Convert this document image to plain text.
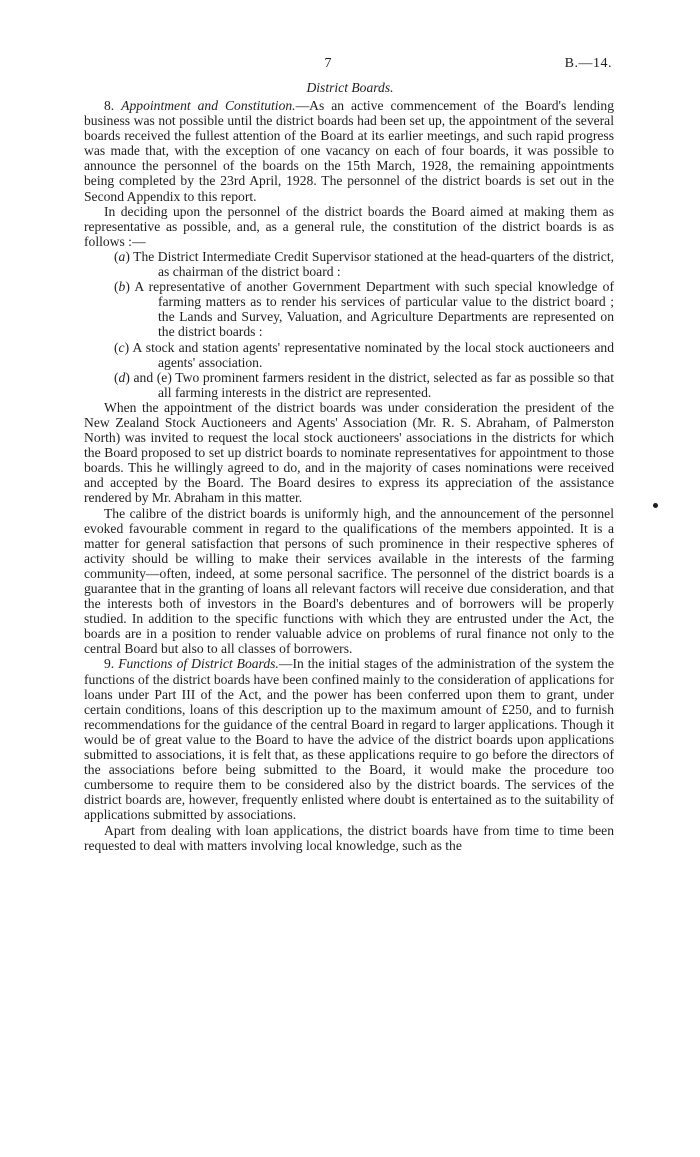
7	B.—14.
District Boards.

8. Appointment and Constitution.—As an active commencement of the Board's lending business was not possible until the district boards had been set up, the appointment of the several boards received the fullest attention of the Board at its earlier meetings, and such rapid progress was made that, with the exception of one vacancy on each of four boards, it was possible to announce the personnel of the boards on the 15th March, 1928, the remaining appointments being completed by the 23rd April, 1928. The personnel of the district boards is set out in the Second Appendix to this report.

In deciding upon the personnel of the district boards the Board aimed at making them as representative as possible, and, as a general rule, the constitution of the district boards is as follows :—

(a) The District Intermediate Credit Supervisor stationed at the head-quarters of the district, as chairman of the district board :

(b) A representative of another Government Department with such special knowledge of farming matters as to render his services of particular value to the district board ; the Lands and Survey, Valuation, and Agriculture Departments are represented on the district boards :

(c) A stock and station agents' representative nominated by the local stock auctioneers and agents' association.

(d) and (e) Two prominent farmers resident in the district, selected as far as possible so that all farming interests in the district are represented.

When the appointment of the district boards was under consideration the president of the New Zealand Stock Auctioneers and Agents' Association (Mr. R. S. Abraham, of Palmerston North) was invited to request the local stock auctioneers' associations in the districts for which the Board proposed to set up district boards to nominate representatives for appointment to those boards. This he willingly agreed to do, and in the majority of cases nominations were received and accepted by the Board. The Board desires to express its appreciation of the assistance rendered by Mr. Abraham in this matter.

The calibre of the district boards is uniformly high, and the announcement of the personnel evoked favourable comment in regard to the qualifications of the members appointed. It is a matter for general satisfaction that persons of such prominence in their respective spheres of activity should be willing to make their services available in the interests of the farming community—often, indeed, at some personal sacrifice. The personnel of the district boards is a guarantee that in the granting of loans all relevant factors will receive due consideration, and that the interests both of investors in the Board's debentures and of borrowers will be properly studied. In addition to the specific functions with which they are entrusted under the Act, the boards are in a position to render valuable advice on problems of rural finance not only to the central Board but also to all classes of borrowers.

9. Functions of District Boards.—In the initial stages of the administration of the system the functions of the district boards have been confined mainly to the consideration of applications for loans under Part III of the Act, and the power has been conferred upon them to grant, under certain conditions, loans of this description up to the maximum amount of £250, and to furnish recommendations for the guidance of the central Board in regard to larger applications. Though it would be of great value to the Board to have the advice of the district boards upon applications submitted to associations, it is felt that, as these applications require to go before the directors of the associations before being submitted to the Board, it would make the procedure too cumbersome to require them to be considered also by the district boards. The services of the district boards are, however, frequently enlisted where doubt is entertained as to the suitability of applications submitted by associations.

Apart from dealing with loan applications, the district boards have from time to time been requested to deal with matters involving local knowledge, such as the
